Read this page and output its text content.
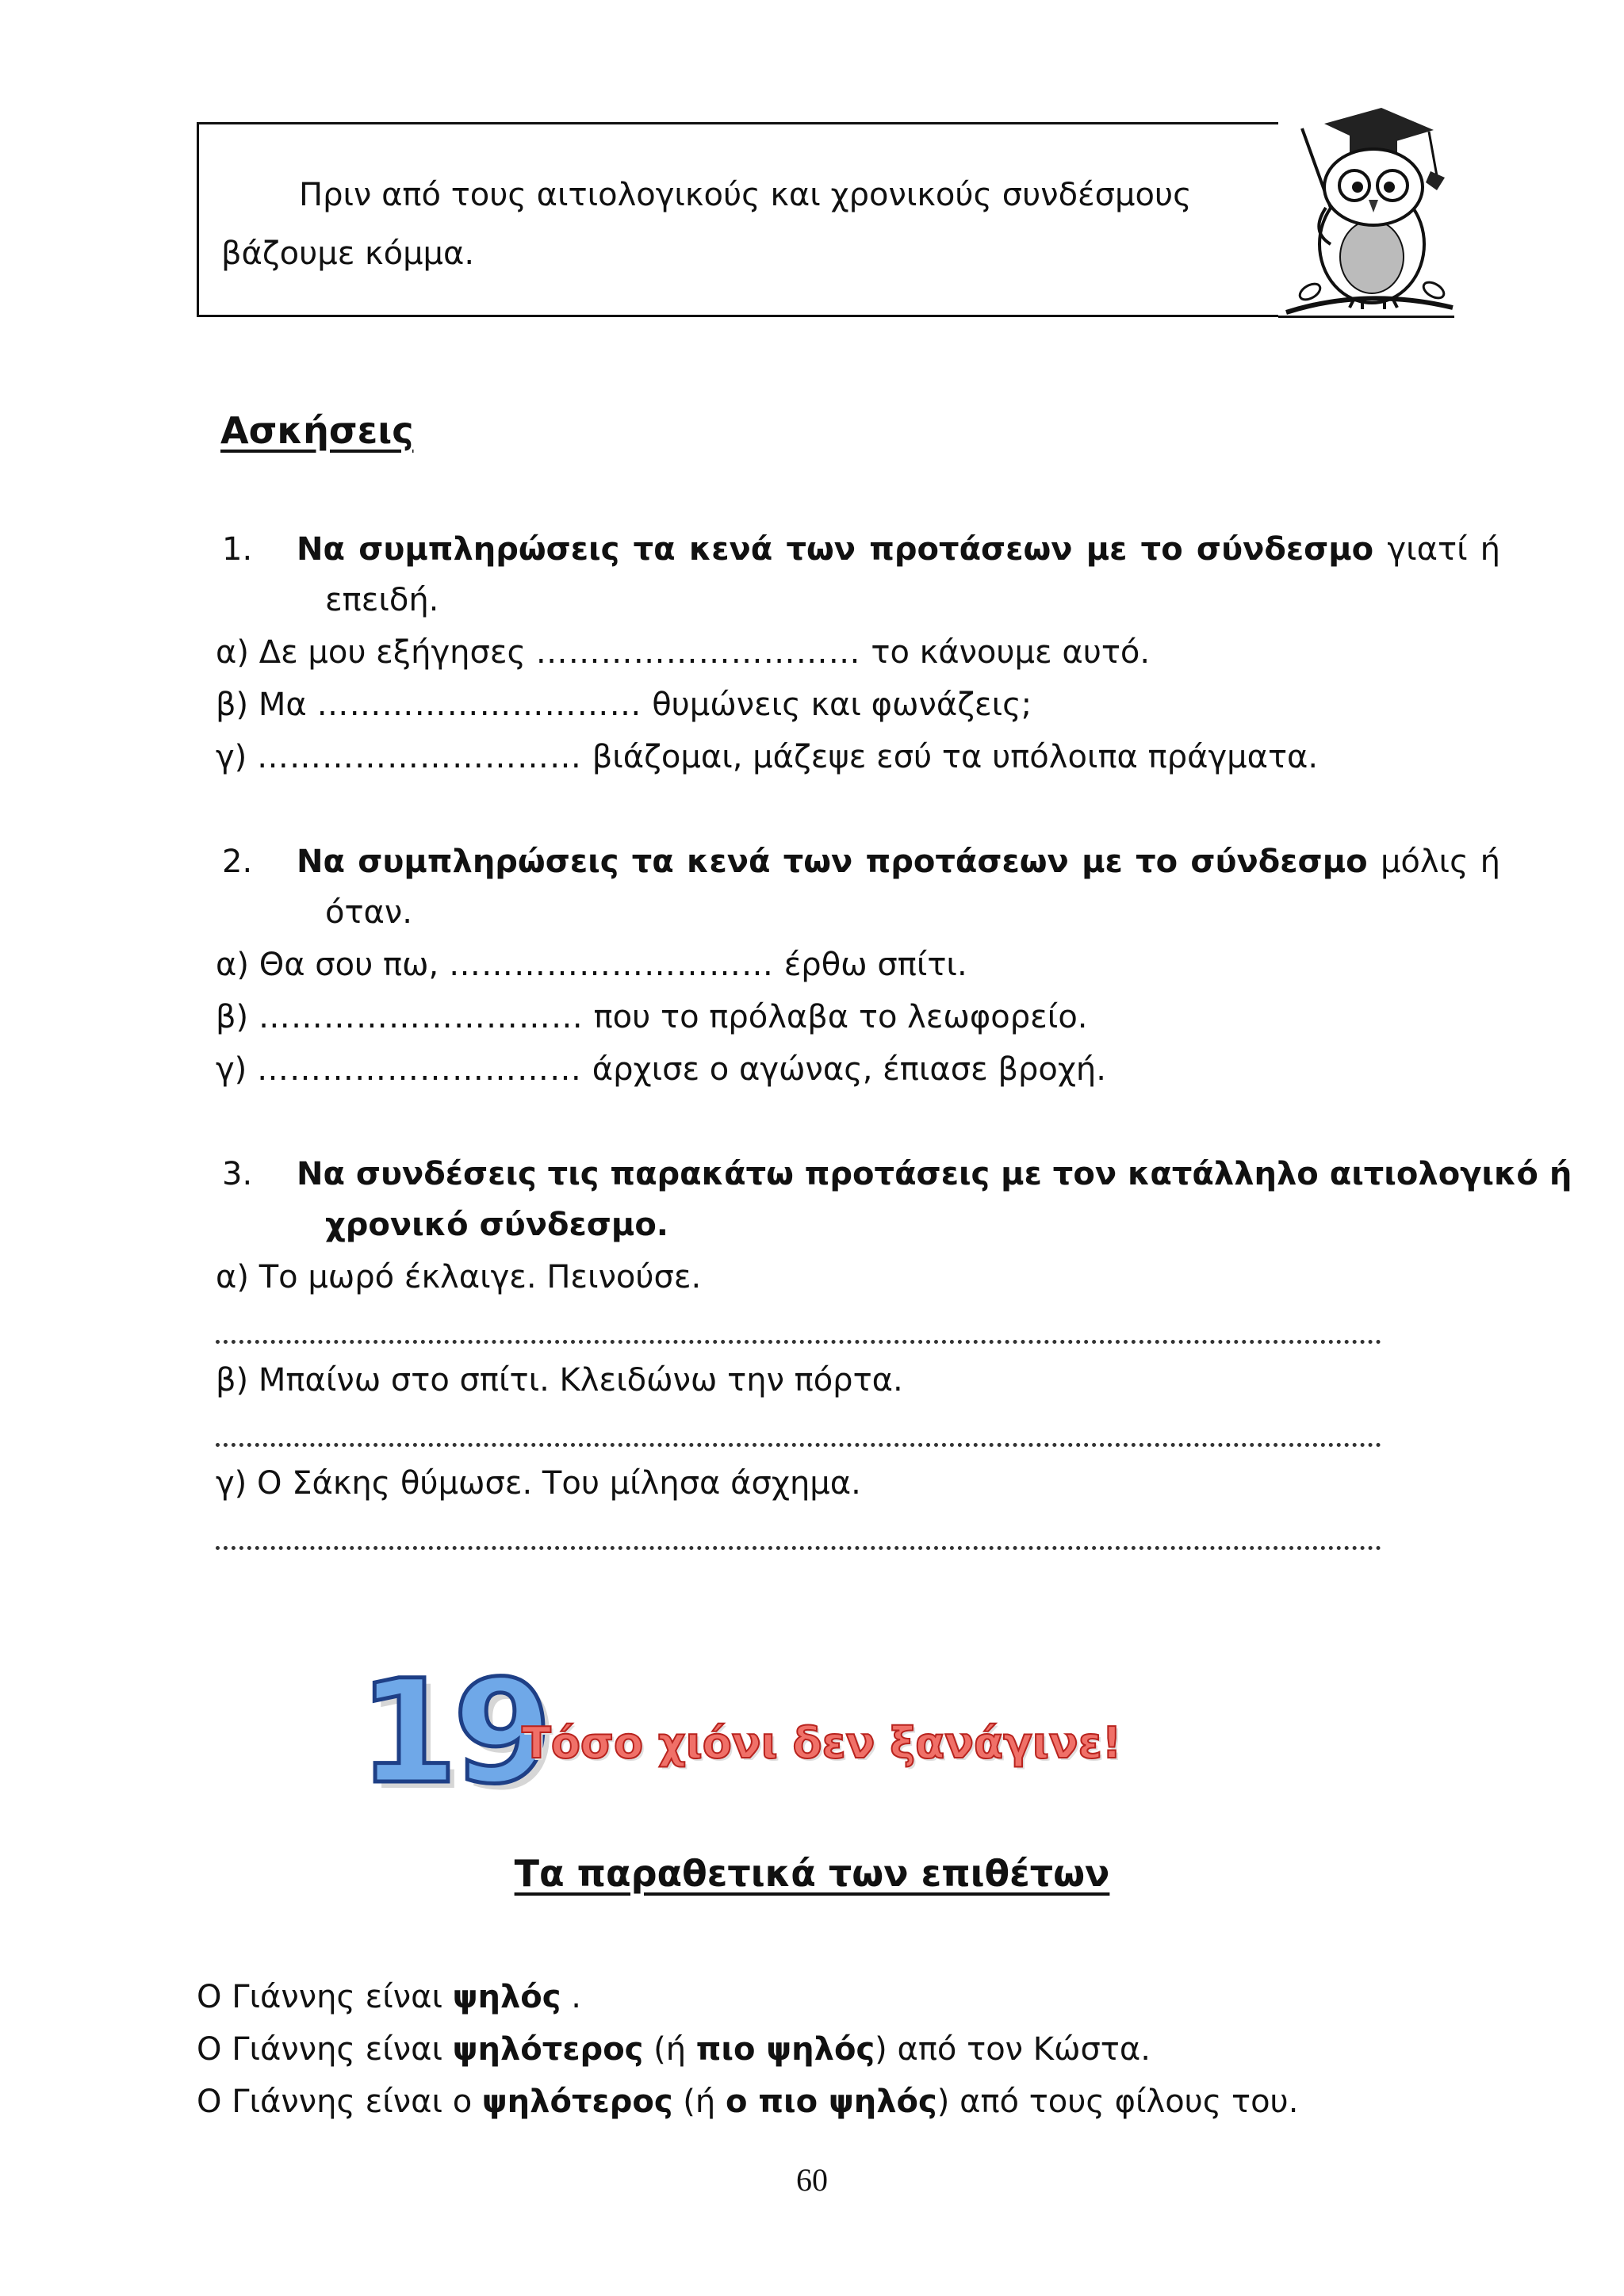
Πριν από τους αιτιολογικούς και χρονικούς συνδέσμους
βάζουμε κόμμα.
Ασκήσεις
1. Να συμπληρώσεις τα κενά των προτάσεων με το σύνδεσμο γιατί ή
επειδή.
α) Δε μου εξήγησες ………………………… το κάνουμε αυτό.
β) Μα ………………………… θυμώνεις και φωνάζεις;
γ) ………………………… βιάζομαι, μάζεψε εσύ τα υπόλοιπα πράγματα.
2. Να συμπληρώσεις τα κενά των προτάσεων με το σύνδεσμο μόλις ή
όταν.
α) Θα σου πω, ………………………… έρθω σπίτι.
β) ………………………… που το πρόλαβα το λεωφορείο.
γ) ………………………… άρχισε ο αγώνας, έπιασε βροχή.
3. Να συνδέσεις τις παρακάτω προτάσεις με τον κατάλληλο αιτιολογικό ή
χρονικό σύνδεσμο.
α) Το μωρό έκλαιγε. Πεινούσε.
β) Μπαίνω στο σπίτι. Κλειδώνω την πόρτα.
γ) Ο Σάκης θύμωσε. Του μίλησα άσχημα.
19
Τόσο χιόνι δεν ξανάγινε!
Τα παραθετικά των επιθέτων
Ο Γιάννης είναι ψηλός .
Ο Γιάννης είναι ψηλότερος (ή πιο ψηλός) από τον Κώστα.
Ο Γιάννης είναι ο ψηλότερος (ή ο πιο ψηλός) από τους φίλους του.
60
